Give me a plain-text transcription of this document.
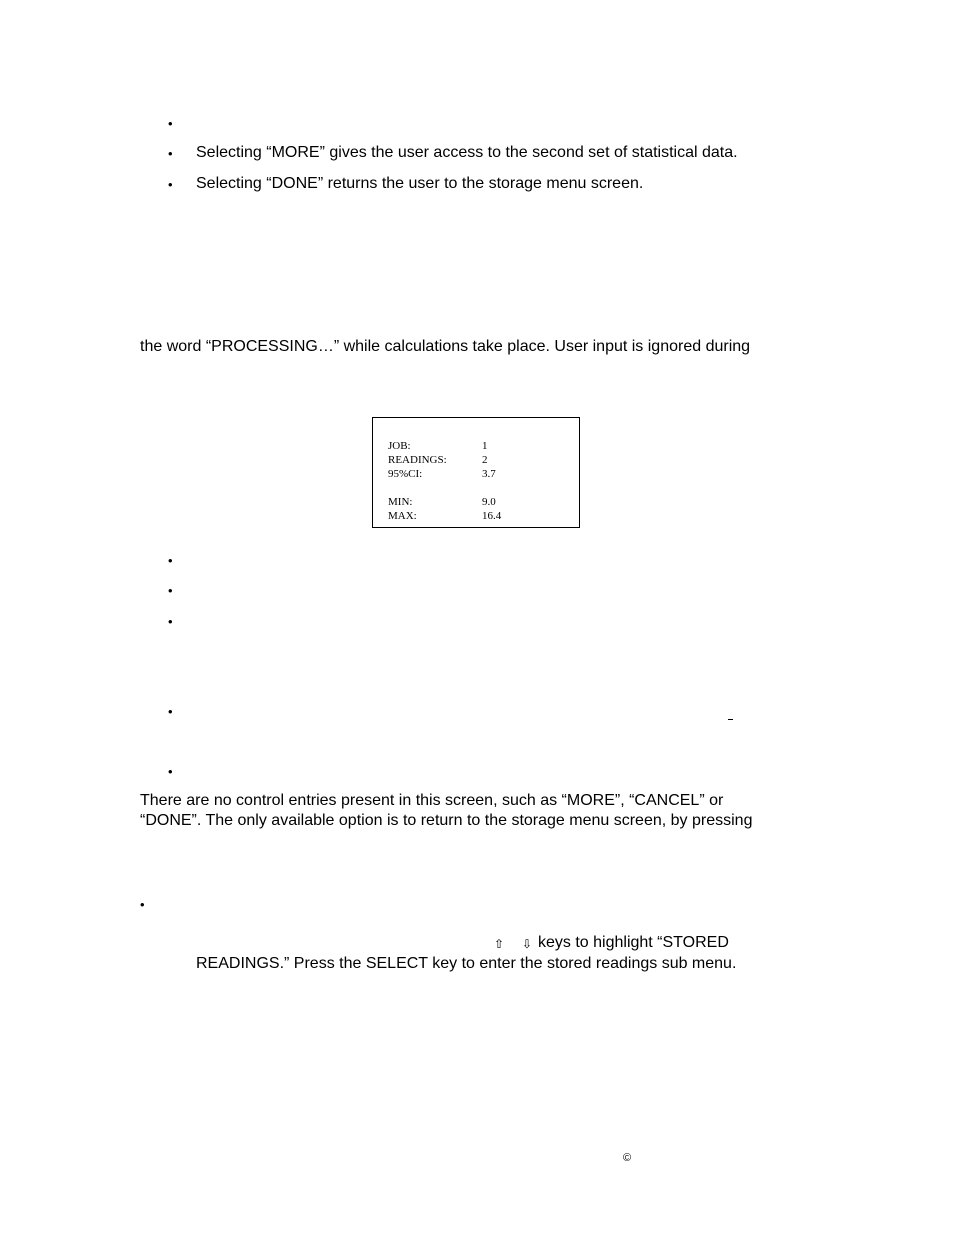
•
• Selecting “MORE” gives the user access to the second set of statistical data.
• Selecting “DONE” returns the user to the storage menu screen.
the word “PROCESSING…” while calculations take place. User input is ignored during
JOB:	1
READINGS:	2
95%CI:	3.7
MIN:	9.0
MAX:	16.4
•
•
•
•
•
There are no control entries present in this screen, such as “MORE”, “CANCEL” or
“DONE”. The only available option is to return to the storage menu screen, by pressing
•
⇧ ⇩ keys to highlight “STORED
READINGS.” Press the SELECT key to enter the stored readings sub menu.
©
